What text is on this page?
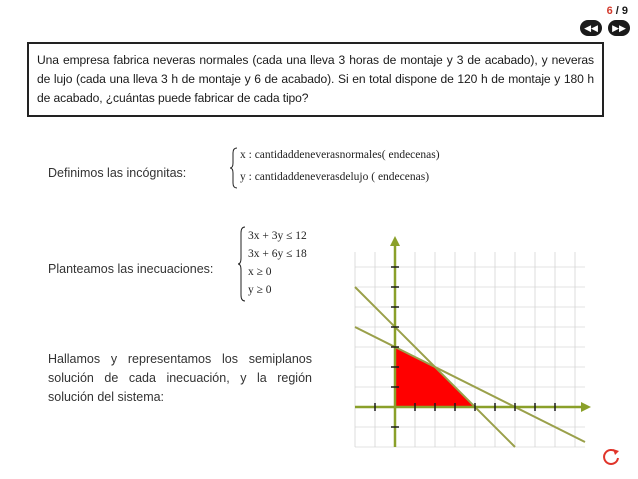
6 / 9
◀◀	▶▶
Una empresa fabrica neveras normales (cada una lleva 3 horas de montaje y 3 de acabado), y neveras de lujo (cada una lleva 3 h de montaje y 6 de acabado). Si en total dispone de 120 h de montaje y 180 h de acabado, ¿cuántas puede fabricar de cada tipo?
Definimos las incógnitas:
x : cantidaddeneverasnormales( endecenas)
y : cantidaddeneverasdelujo ( endecenas)
Planteamos las inecuaciones:
3x + 3y ≤ 12
3x + 6y ≤ 18
x ≥ 0
y ≥ 0
Hallamos y representamos los semiplanos solución de cada inecuación, y la región solución del sistema:
